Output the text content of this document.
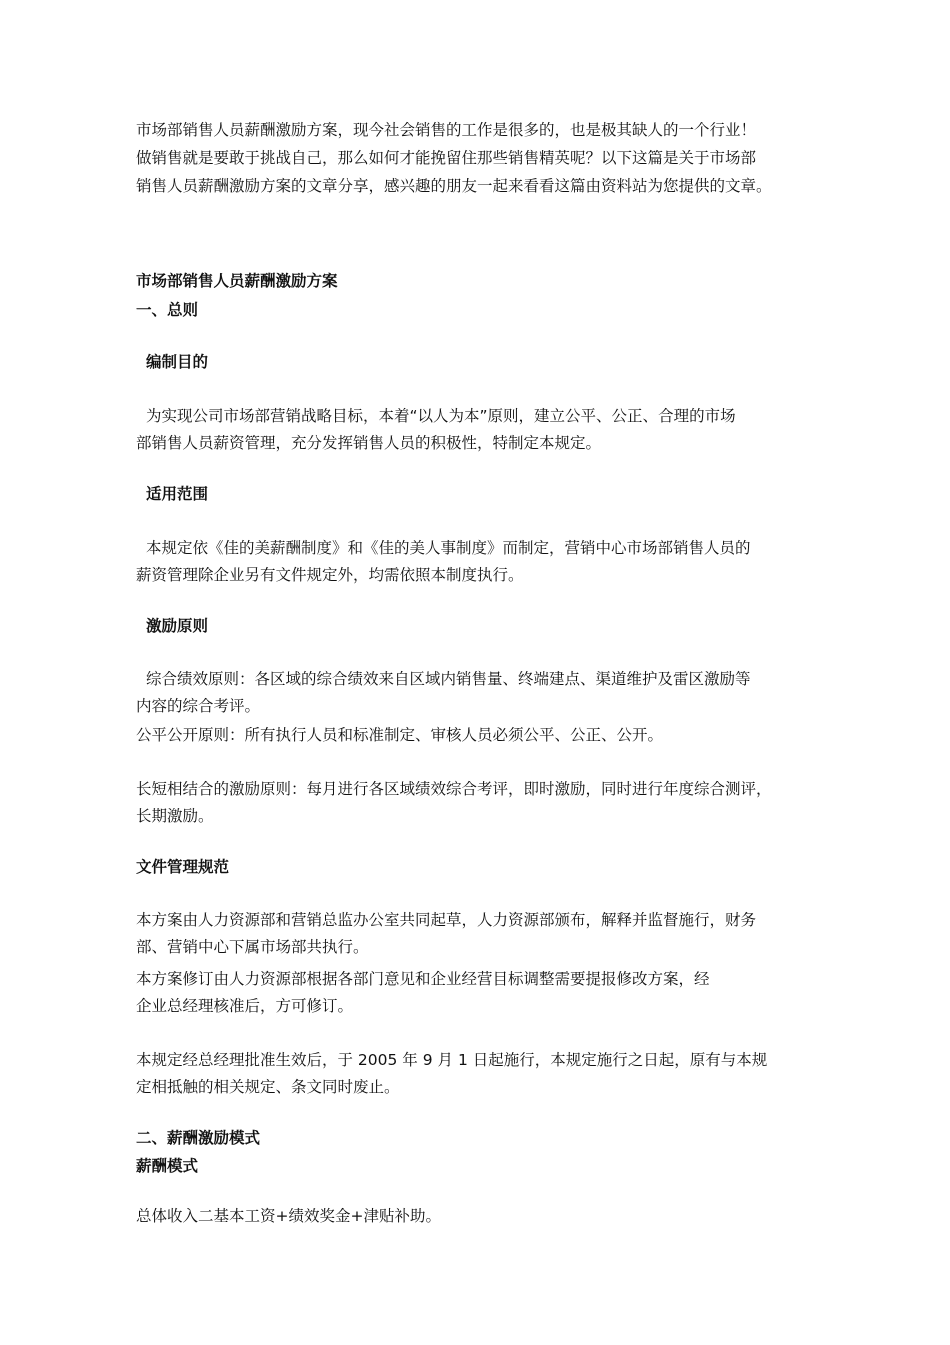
市场部销售人员薪酬激励方案，现今社会销售的工作是很多的，也是极其缺人的一个行业！

做销售就是要敢于挑战自己，那么如何才能挽留住那些销售精英呢？以下这篇是关于市场部

销售人员薪酬激励方案的文章分享，感兴趣的朋友一起来看看这篇由资料站为您提供的文章。

市场部销售人员薪酬激励方案

一、总则

编制目的

为实现公司市场部营销战略目标，本着“以人为本”原则，建立公平、公正、合理的市场

部销售人员薪资管理，充分发挥销售人员的积极性，特制定本规定。

适用范围

本规定依《佳的美薪酬制度》和《佳的美人事制度》而制定，营销中心市场部销售人员的

薪资管理除企业另有文件规定外，均需依照本制度执行。

激励原则

综合绩效原则：各区域的综合绩效来自区域内销售量、终端建点、渠道维护及雷区激励等

内容的综合考评。

公平公开原则：所有执行人员和标准制定、审核人员必须公平、公正、公开。

长短相结合的激励原则：每月进行各区域绩效综合考评，即时激励，同时进行年度综合测评，

长期激励。

文件管理规范

本方案由人力资源部和营销总监办公室共同起草，人力资源部颁布，解释并监督施行，财务

部、营销中心下属市场部共执行。

本方案修订由人力资源部根据各部门意见和企业经营目标调整需要提报修改方案，经

企业总经理核准后，方可修订。

本规定经总经理批准生效后，于 2005 年 9 月 1 日起施行，本规定施行之日起，原有与本规

定相抵触的相关规定、条文同时废止。

二、薪酬激励模式

薪酬模式

总体收入二基本工资+绩效奖金+津贴补助。
